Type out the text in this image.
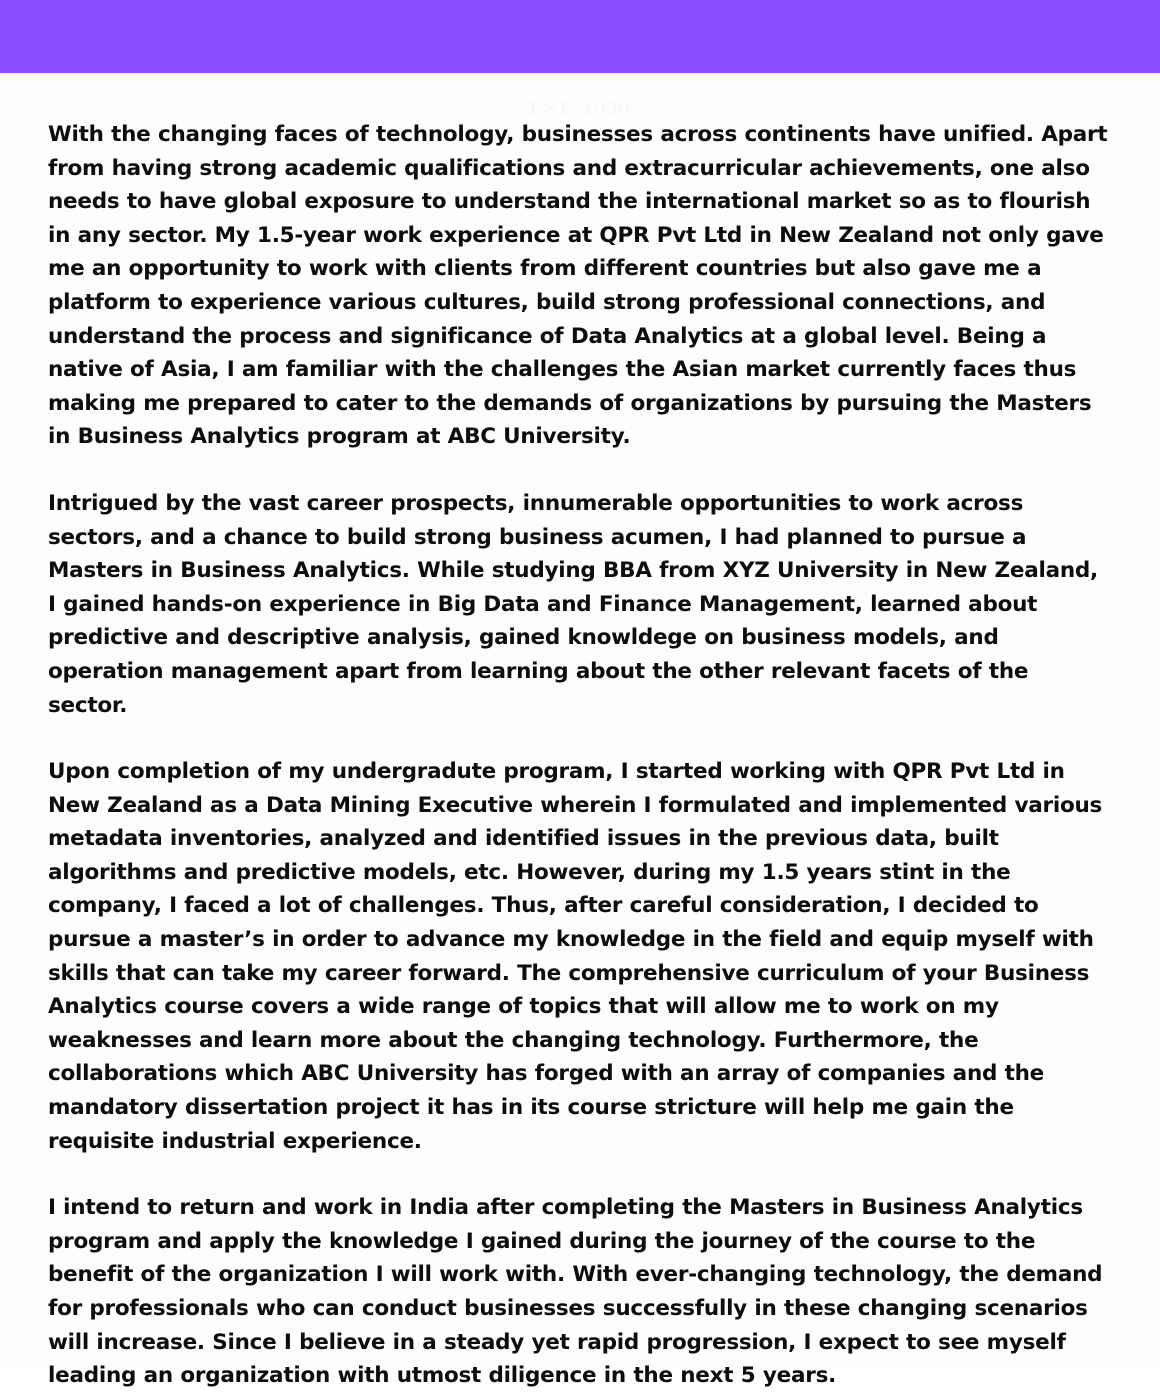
EST. 1990

With the changing faces of technology, businesses across continents have unified. Apart from having strong academic qualifications and extracurricular achievements, one also needs to have global exposure to understand the international market so as to flourish in any sector. My 1.5-year work experience at QPR Pvt Ltd in New Zealand not only gave me an opportunity to work with clients from different countries but also gave me a platform to experience various cultures, build strong professional connections, and understand the process and significance of Data Analytics at a global level. Being a native of Asia, I am familiar with the challenges the Asian market currently faces thus making me prepared to cater to the demands of organizations by pursuing the Masters in Business Analytics program at ABC University.

Intrigued by the vast career prospects, innumerable opportunities to work across sectors, and a chance to build strong business acumen, I had planned to pursue a Masters in Business Analytics. While studying BBA from XYZ University in New Zealand, I gained hands-on experience in Big Data and Finance Management, learned about predictive and descriptive analysis, gained knowldege on business models, and operation management apart from learning about the other relevant facets of the sector.

Upon completion of my undergradute program, I started working with QPR Pvt Ltd in New Zealand as a Data Mining Executive wherein I formulated and implemented various metadata inventories, analyzed and identified issues in the previous data, built algorithms and predictive models, etc. However, during my 1.5 years stint in the company, I faced a lot of challenges. Thus, after careful consideration, I decided to pursue a master’s in order to advance my knowledge in the field and equip myself with skills that can take my career forward. The comprehensive curriculum of your Business Analytics course covers a wide range of topics that will allow me to work on my weaknesses and learn more about the changing technology. Furthermore, the collaborations which ABC University has forged with an array of companies and the mandatory dissertation project it has in its course stricture will help me gain the requisite industrial experience.

I intend to return and work in India after completing the Masters in Business Analytics program and apply the knowledge I gained during the journey of the course to the benefit of the organization I will work with. With ever-changing technology, the demand for professionals who can conduct businesses successfully in these changing scenarios will increase. Since I believe in a steady yet rapid progression, I expect to see myself leading an organization with utmost diligence in the next 5 years.
